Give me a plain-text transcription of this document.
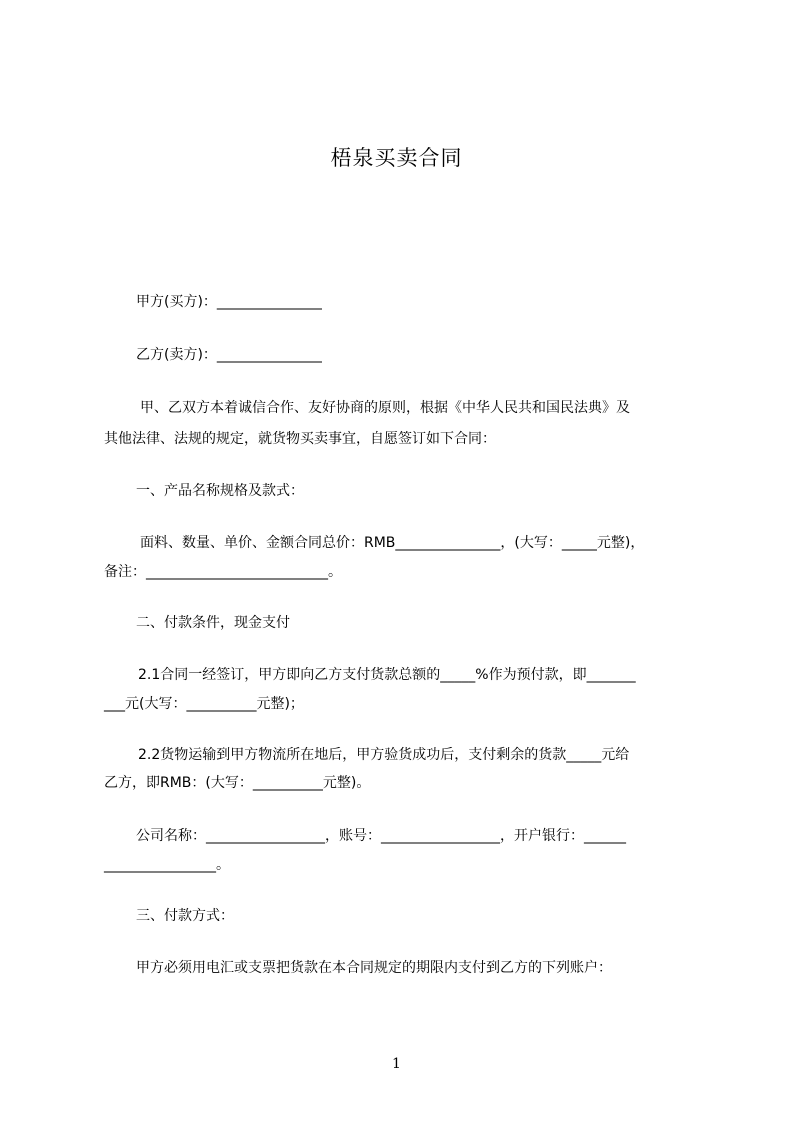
梧泉买卖合同
甲方(买方)：_______________
乙方(卖方)：_______________
甲、乙双方本着诚信合作、友好协商的原则，根据《中华人民共和国民法典》及
其他法律、法规的规定，就货物买卖事宜，自愿签订如下合同：
一、产品名称规格及款式：
面料、数量、单价、金额合同总价：RMB_______________，(大写：_____元整)，
备注：__________________________。
二、付款条件，现金支付
2.1合同一经签订，甲方即向乙方支付货款总额的_____%作为预付款，即_______
___元(大写：__________元整)；
2.2货物运输到甲方物流所在地后，甲方验货成功后，支付剩余的货款_____元给
乙方，即RMB：(大写：__________元整)。
公司名称：_________________，账号：_________________，开户银行：______
________________。
三、付款方式：
甲方必须用电汇或支票把货款在本合同规定的期限内支付到乙方的下列账户：
1
